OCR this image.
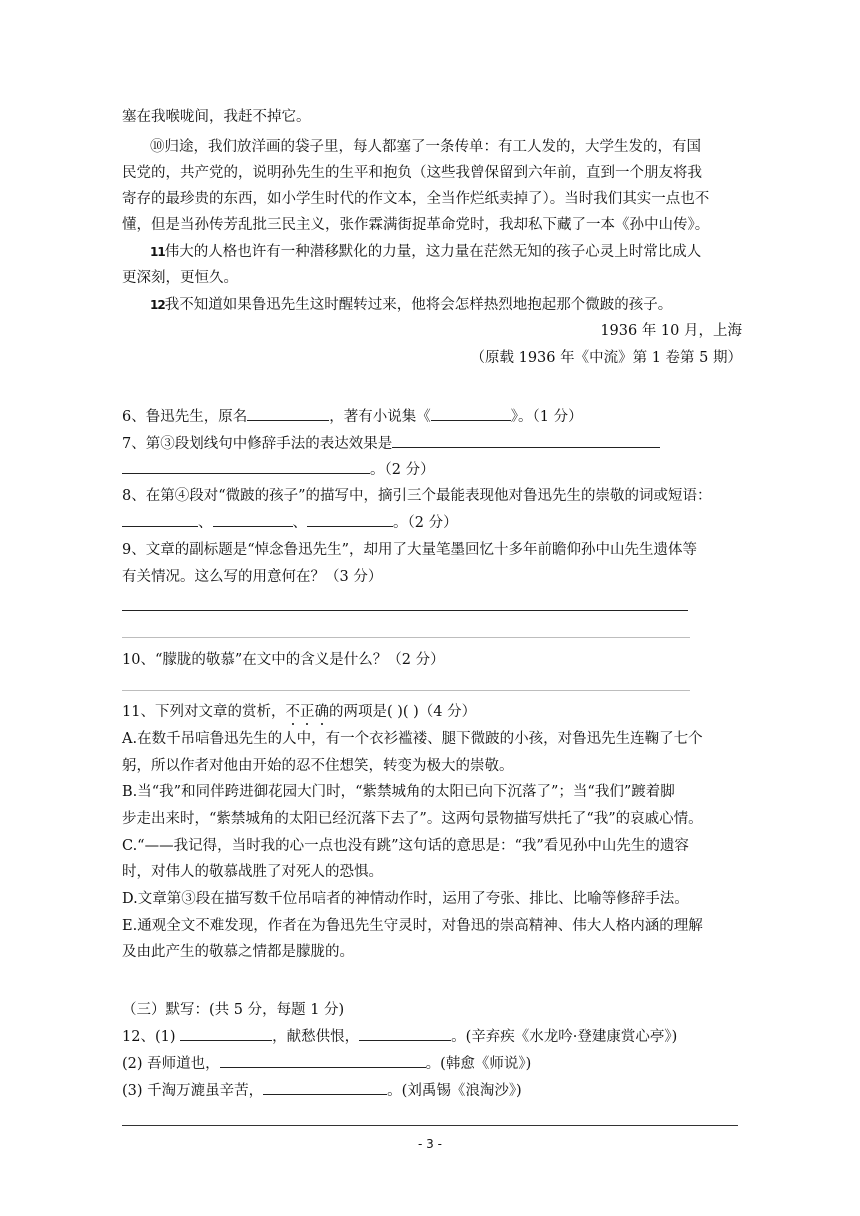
塞在我喉咙间，我赶不掉它。
⑩归途，我们放洋画的袋子里，每人都塞了一条传单：有工人发的，大学生发的，有国
民党的，共产党的，说明孙先生的生平和抱负（这些我曾保留到六年前，直到一个朋友将我
寄存的最珍贵的东西，如小学生时代的作文本，全当作烂纸卖掉了）。当时我们其实一点也不
懂，但是当孙传芳乱批三民主义，张作霖满街捉革命党时，我却私下藏了一本《孙中山传》。
11伟大的人格也许有一种潜移默化的力量，这力量在茫然无知的孩子心灵上时常比成人
更深刻，更恒久。
12我不知道如果鲁迅先生这时醒转过来，他将会怎样热烈地抱起那个微跛的孩子。
1936 年 10 月，上海
（原载 1936 年《中流》第 1 卷第 5 期）
6、鲁迅先生，原名	，著有小说集《	》。（1 分）
7、第③段划线句中修辞手法的表达效果是
。（2 分）
8、在第④段对“微跛的孩子”的描写中，摘引三个最能表现他对鲁迅先生的崇敬的词或短语：
、	、	。（2 分）
9、文章的副标题是“悼念鲁迅先生”，却用了大量笔墨回忆十多年前瞻仰孙中山先生遗体等
有关情况。这么写的用意何在？（3 分）
10、“朦胧的敬慕”在文中的含义是什么？（2 分）
11、下列对文章的赏析，不正确的两项是( )( )（4 分）
A.在数千吊唁鲁迅先生的人中，有一个衣衫褴褛、腿下微跛的小孩，对鲁迅先生连鞠了七个
躬，所以作者对他由开始的忍不住想笑，转变为极大的崇敬。
B.当“我”和同伴跨进御花园大门时，“紫禁城角的太阳已向下沉落了”；当“我们”踱着脚
步走出来时，“紫禁城角的太阳已经沉落下去了”。这两句景物描写烘托了“我”的哀戚心情。
C.“——我记得，当时我的心一点也没有跳”这句话的意思是：“我”看见孙中山先生的遗容
时，对伟人的敬慕战胜了对死人的恐惧。
D.文章第③段在描写数千位吊唁者的神情动作时，运用了夸张、排比、比喻等修辞手法。
E.通观全文不难发现，作者在为鲁迅先生守灵时，对鲁迅的崇高精神、伟大人格内涵的理解
及由此产生的敬慕之情都是朦胧的。
（三）默写：(共 5 分，每题 1 分)
12、(1)	，献愁供恨，	。(辛弃疾《水龙吟·登建康赏心亭》)
(2) 吾师道也，	。(韩愈《师说》)
(3) 千淘万漉虽辛苦，	。(刘禹锡《浪淘沙》)
- 3 -
